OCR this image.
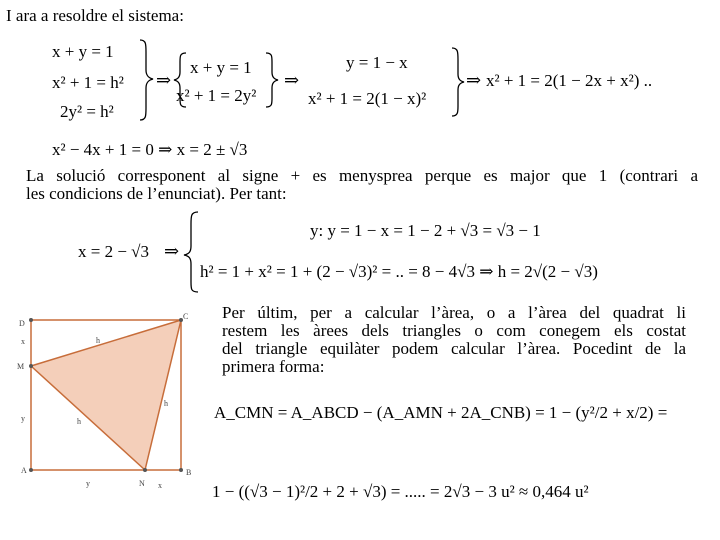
I ara a resoldre el sistema:
La solució corresponent al signe + es menysprea perque es major que 1 (contrari a
les condicions de l’enunciat). Per tant:
Per últim, per a calcular l’àrea, o a l’àrea del quadrat li
restem les àrees dels triangles o com conegem els costat
del triangle equilàter podem calcular l’àrea. Pocedint de la
primera forma:
x + y = 1
x² + 1 = h²
2y² = h²
⇒
x + y = 1
x² + 1 = 2y²
⇒
y = 1 − x
x² + 1 = 2(1 − x)²
⇒ x² + 1 = 2(1 − 2x + x²) ..
x² − 4x + 1 = 0 ⇒ x = 2 ± √3
x = 2 − √3 ⇒
y: y = 1 − x = 1 − 2 + √3 = √3 − 1
h² = 1 + x² = 1 + (2 − √3)² = .. = 8 − 4√3 ⇒ h = 2√(2 − √3)
A_CMN = A_ABCD − (A_AMN + 2A_CNB) = 1 − (y²/2 + x/2) =
1 − ((√3 − 1)²/2 + 2 + √3) = ..... = 2√3 − 3 u² ≈ 0,464 u²
D
C
M
A
N
B
x
y
h
h
h
y	x
